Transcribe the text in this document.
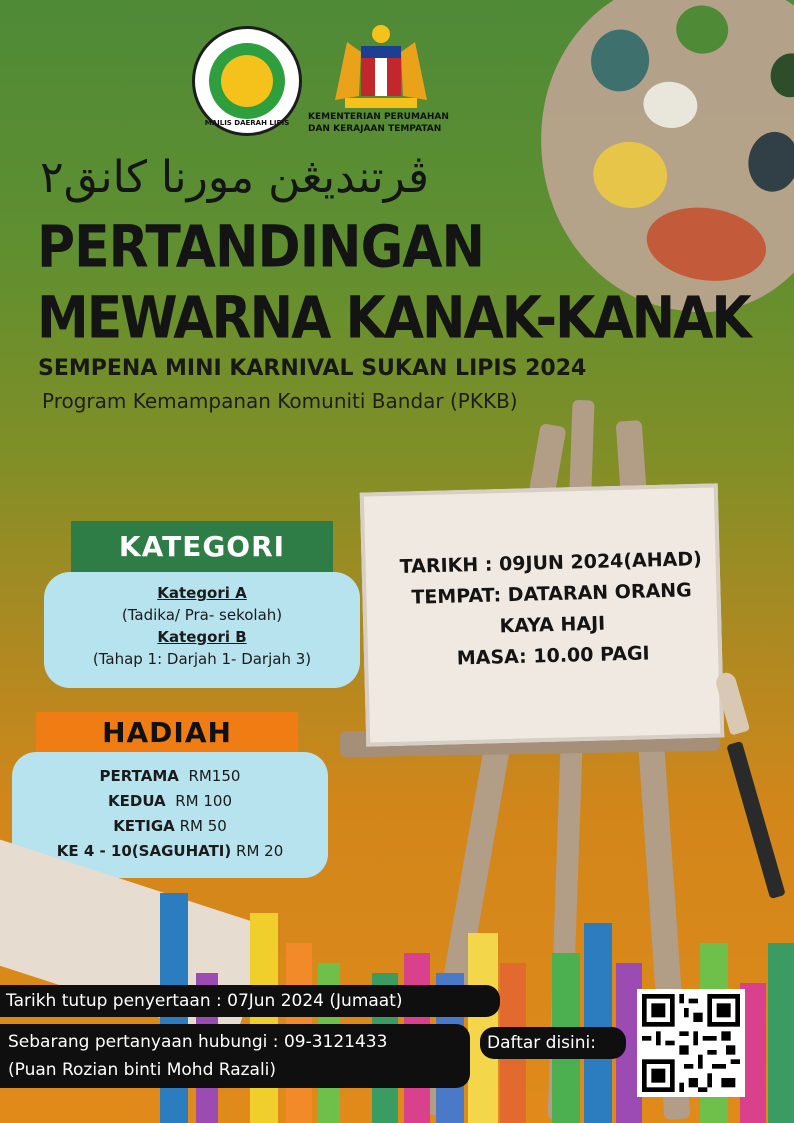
MAJLIS DAERAH LIPIS
KEMENTERIAN PERUMAHAN DAN KERAJAAN TEMPATAN
ڤرتنديڠن مورنا كانق٢
PERTANDINGAN
MEWARNA KANAK-KANAK
SEMPENA MINI KARNIVAL SUKAN LIPIS 2024
Program Kemampanan Komuniti Bandar (PKKB)
KATEGORI
Kategori A
(Tadika/ Pra- sekolah)
Kategori B
(Tahap 1: Darjah 1- Darjah 3)
HADIAH
PERTAMA RM150
KEDUA RM 100
KETIGA RM 50
KE 4 - 10(SAGUHATI) RM 20
TARIKH : 09JUN 2024(AHAD)
TEMPAT: DATARAN ORANG
KAYA HAJI
MASA: 10.00 PAGI
Tarikh tutup penyertaan : 07Jun 2024 (Jumaat)
Sebarang pertanyaan hubungi : 09-3121433
(Puan Rozian binti Mohd Razali)
Daftar disini:
